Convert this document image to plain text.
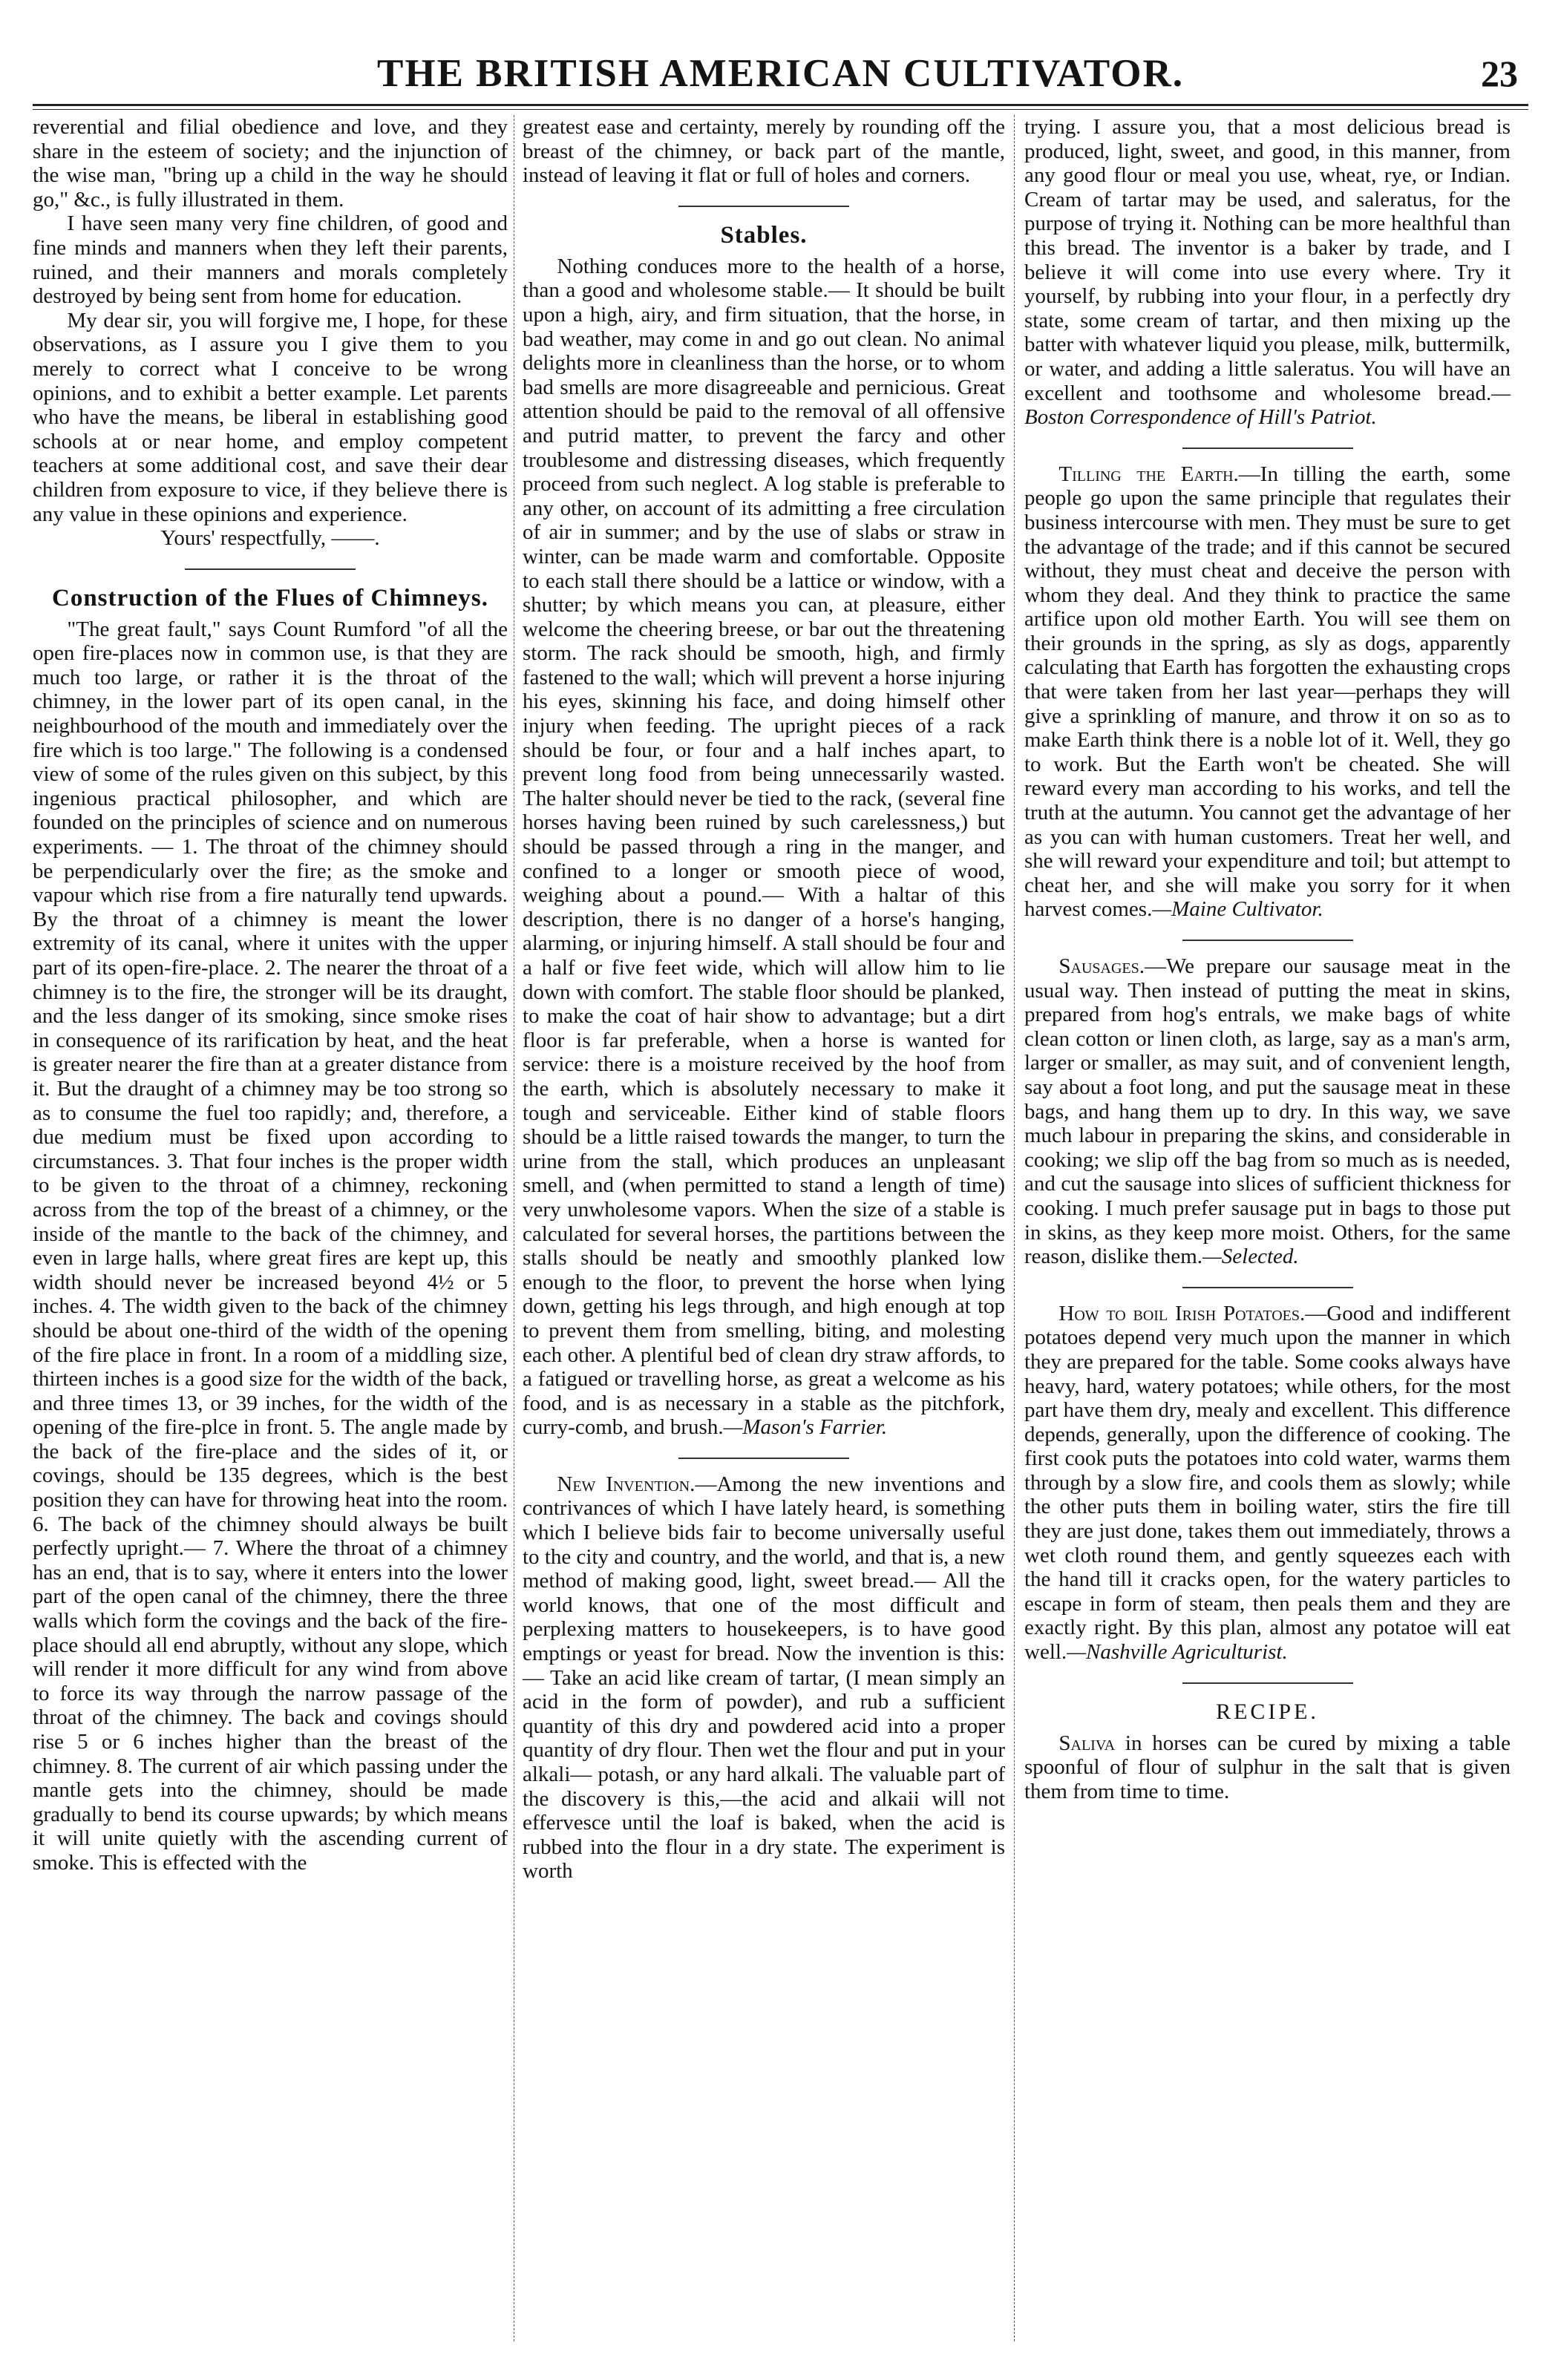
THE BRITISH AMERICAN CULTIVATOR.	23

reverential and filial obedience and love, and they share in the esteem of society; and the injunction of the wise man, "bring up a child in the way he should go," &c., is fully illustrated in them.

I have seen many very fine children, of good and fine minds and manners when they left their parents, ruined, and their manners and morals completely destroyed by being sent from home for education.

My dear sir, you will forgive me, I hope, for these observations, as I assure you I give them to you merely to correct what I conceive to be wrong opinions, and to exhibit a better example. Let parents who have the means, be liberal in establishing good schools at or near home, and employ competent teachers at some additional cost, and save their dear children from exposure to vice, if they believe there is any value in these opinions and experience.

Yours' respectfully, ——.

Construction of the Flues of Chimneys.

"The great fault," says Count Rumford "of all the open fire-places now in common use, is that they are much too large, or rather it is the throat of the chimney, in the lower part of its open canal, in the neighbourhood of the mouth and immediately over the fire which is too large." The following is a condensed view of some of the rules given on this subject, by this ingenious practical philosopher, and which are founded on the principles of science and on numerous experiments. — 1. The throat of the chimney should be perpendicularly over the fire; as the smoke and vapour which rise from a fire naturally tend upwards. By the throat of a chimney is meant the lower extremity of its canal, where it unites with the upper part of its open-fire-place. 2. The nearer the throat of a chimney is to the fire, the stronger will be its draught, and the less danger of its smoking, since smoke rises in consequence of its rarification by heat, and the heat is greater nearer the fire than at a greater distance from it. But the draught of a chimney may be too strong so as to consume the fuel too rapidly; and, therefore, a due medium must be fixed upon according to circumstances. 3. That four inches is the proper width to be given to the throat of a chimney, reckoning across from the top of the breast of a chimney, or the inside of the mantle to the back of the chimney, and even in large halls, where great fires are kept up, this width should never be increased beyond 4½ or 5 inches. 4. The width given to the back of the chimney should be about one-third of the width of the opening of the fire place in front. In a room of a middling size, thirteen inches is a good size for the width of the back, and three times 13, or 39 inches, for the width of the opening of the fire-plce in front. 5. The angle made by the back of the fire-place and the sides of it, or covings, should be 135 degrees, which is the best position they can have for throwing heat into the room. 6. The back of the chimney should always be built perfectly upright.— 7. Where the throat of a chimney has an end, that is to say, where it enters into the lower part of the open canal of the chimney, there the three walls which form the covings and the back of the fire-place should all end abruptly, without any slope, which will render it more difficult for any wind from above to force its way through the narrow passage of the throat of the chimney. The back and covings should rise 5 or 6 inches higher than the breast of the chimney. 8. The current of air which passing under the mantle gets into the chimney, should be made gradually to bend its course upwards; by which means it will unite quietly with the ascending current of smoke. This is effected with the

greatest ease and certainty, merely by rounding off the breast of the chimney, or back part of the mantle, instead of leaving it flat or full of holes and corners.

Stables.

Nothing conduces more to the health of a horse, than a good and wholesome stable.— It should be built upon a high, airy, and firm situation, that the horse, in bad weather, may come in and go out clean. No animal delights more in cleanliness than the horse, or to whom bad smells are more disagreeable and pernicious. Great attention should be paid to the removal of all offensive and putrid matter, to prevent the farcy and other troublesome and distressing diseases, which frequently proceed from such neglect. A log stable is preferable to any other, on account of its admitting a free circulation of air in summer; and by the use of slabs or straw in winter, can be made warm and comfortable. Opposite to each stall there should be a lattice or window, with a shutter; by which means you can, at pleasure, either welcome the cheering breese, or bar out the threatening storm. The rack should be smooth, high, and firmly fastened to the wall; which will prevent a horse injuring his eyes, skinning his face, and doing himself other injury when feeding. The upright pieces of a rack should be four, or four and a half inches apart, to prevent long food from being unnecessarily wasted. The halter should never be tied to the rack, (several fine horses having been ruined by such carelessness,) but should be passed through a ring in the manger, and confined to a longer or smooth piece of wood, weighing about a pound.— With a haltar of this description, there is no danger of a horse's hanging, alarming, or injuring himself. A stall should be four and a half or five feet wide, which will allow him to lie down with comfort. The stable floor should be planked, to make the coat of hair show to advantage; but a dirt floor is far preferable, when a horse is wanted for service: there is a moisture received by the hoof from the earth, which is absolutely necessary to make it tough and serviceable. Either kind of stable floors should be a little raised towards the manger, to turn the urine from the stall, which produces an unpleasant smell, and (when permitted to stand a length of time) very unwholesome vapors. When the size of a stable is calculated for several horses, the partitions between the stalls should be neatly and smoothly planked low enough to the floor, to prevent the horse when lying down, getting his legs through, and high enough at top to prevent them from smelling, biting, and molesting each other. A plentiful bed of clean dry straw affords, to a fatigued or travelling horse, as great a welcome as his food, and is as necessary in a stable as the pitchfork, curry-comb, and brush.—Mason's Farrier.

New Invention.—Among the new inventions and contrivances of which I have lately heard, is something which I believe bids fair to become universally useful to the city and country, and the world, and that is, a new method of making good, light, sweet bread.— All the world knows, that one of the most difficult and perplexing matters to housekeepers, is to have good emptings or yeast for bread. Now the invention is this:— Take an acid like cream of tartar, (I mean simply an acid in the form of powder), and rub a sufficient quantity of this dry and powdered acid into a proper quantity of dry flour. Then wet the flour and put in your alkali— potash, or any hard alkali. The valuable part of the discovery is this,—the acid and alkaii will not effervesce until the loaf is baked, when the acid is rubbed into the flour in a dry state. The experiment is worth

trying. I assure you, that a most delicious bread is produced, light, sweet, and good, in this manner, from any good flour or meal you use, wheat, rye, or Indian. Cream of tartar may be used, and saleratus, for the purpose of trying it. Nothing can be more healthful than this bread. The inventor is a baker by trade, and I believe it will come into use every where. Try it yourself, by rubbing into your flour, in a perfectly dry state, some cream of tartar, and then mixing up the batter with whatever liquid you please, milk, buttermilk, or water, and adding a little saleratus. You will have an excellent and toothsome and wholesome bread.—Boston Correspondence of Hill's Patriot.

Tilling the Earth.—In tilling the earth, some people go upon the same principle that regulates their business intercourse with men. They must be sure to get the advantage of the trade; and if this cannot be secured without, they must cheat and deceive the person with whom they deal. And they think to practice the same artifice upon old mother Earth. You will see them on their grounds in the spring, as sly as dogs, apparently calculating that Earth has forgotten the exhausting crops that were taken from her last year—perhaps they will give a sprinkling of manure, and throw it on so as to make Earth think there is a noble lot of it. Well, they go to work. But the Earth won't be cheated. She will reward every man according to his works, and tell the truth at the autumn. You cannot get the advantage of her as you can with human customers. Treat her well, and she will reward your expenditure and toil; but attempt to cheat her, and she will make you sorry for it when harvest comes.—Maine Cultivator.

Sausages.—We prepare our sausage meat in the usual way. Then instead of putting the meat in skins, prepared from hog's entrals, we make bags of white clean cotton or linen cloth, as large, say as a man's arm, larger or smaller, as may suit, and of convenient length, say about a foot long, and put the sausage meat in these bags, and hang them up to dry. In this way, we save much labour in preparing the skins, and considerable in cooking; we slip off the bag from so much as is needed, and cut the sausage into slices of sufficient thickness for cooking. I much prefer sausage put in bags to those put in skins, as they keep more moist. Others, for the same reason, dislike them.—Selected.

How to boil Irish Potatoes.—Good and indifferent potatoes depend very much upon the manner in which they are prepared for the table. Some cooks always have heavy, hard, watery potatoes; while others, for the most part have them dry, mealy and excellent. This difference depends, generally, upon the difference of cooking. The first cook puts the potatoes into cold water, warms them through by a slow fire, and cools them as slowly; while the other puts them in boiling water, stirs the fire till they are just done, takes them out immediately, throws a wet cloth round them, and gently squeezes each with the hand till it cracks open, for the watery particles to escape in form of steam, then peals them and they are exactly right. By this plan, almost any potatoe will eat well.—Nashville Agriculturist.

RECIPE.

Saliva in horses can be cured by mixing a table spoonful of flour of sulphur in the salt that is given them from time to time.
